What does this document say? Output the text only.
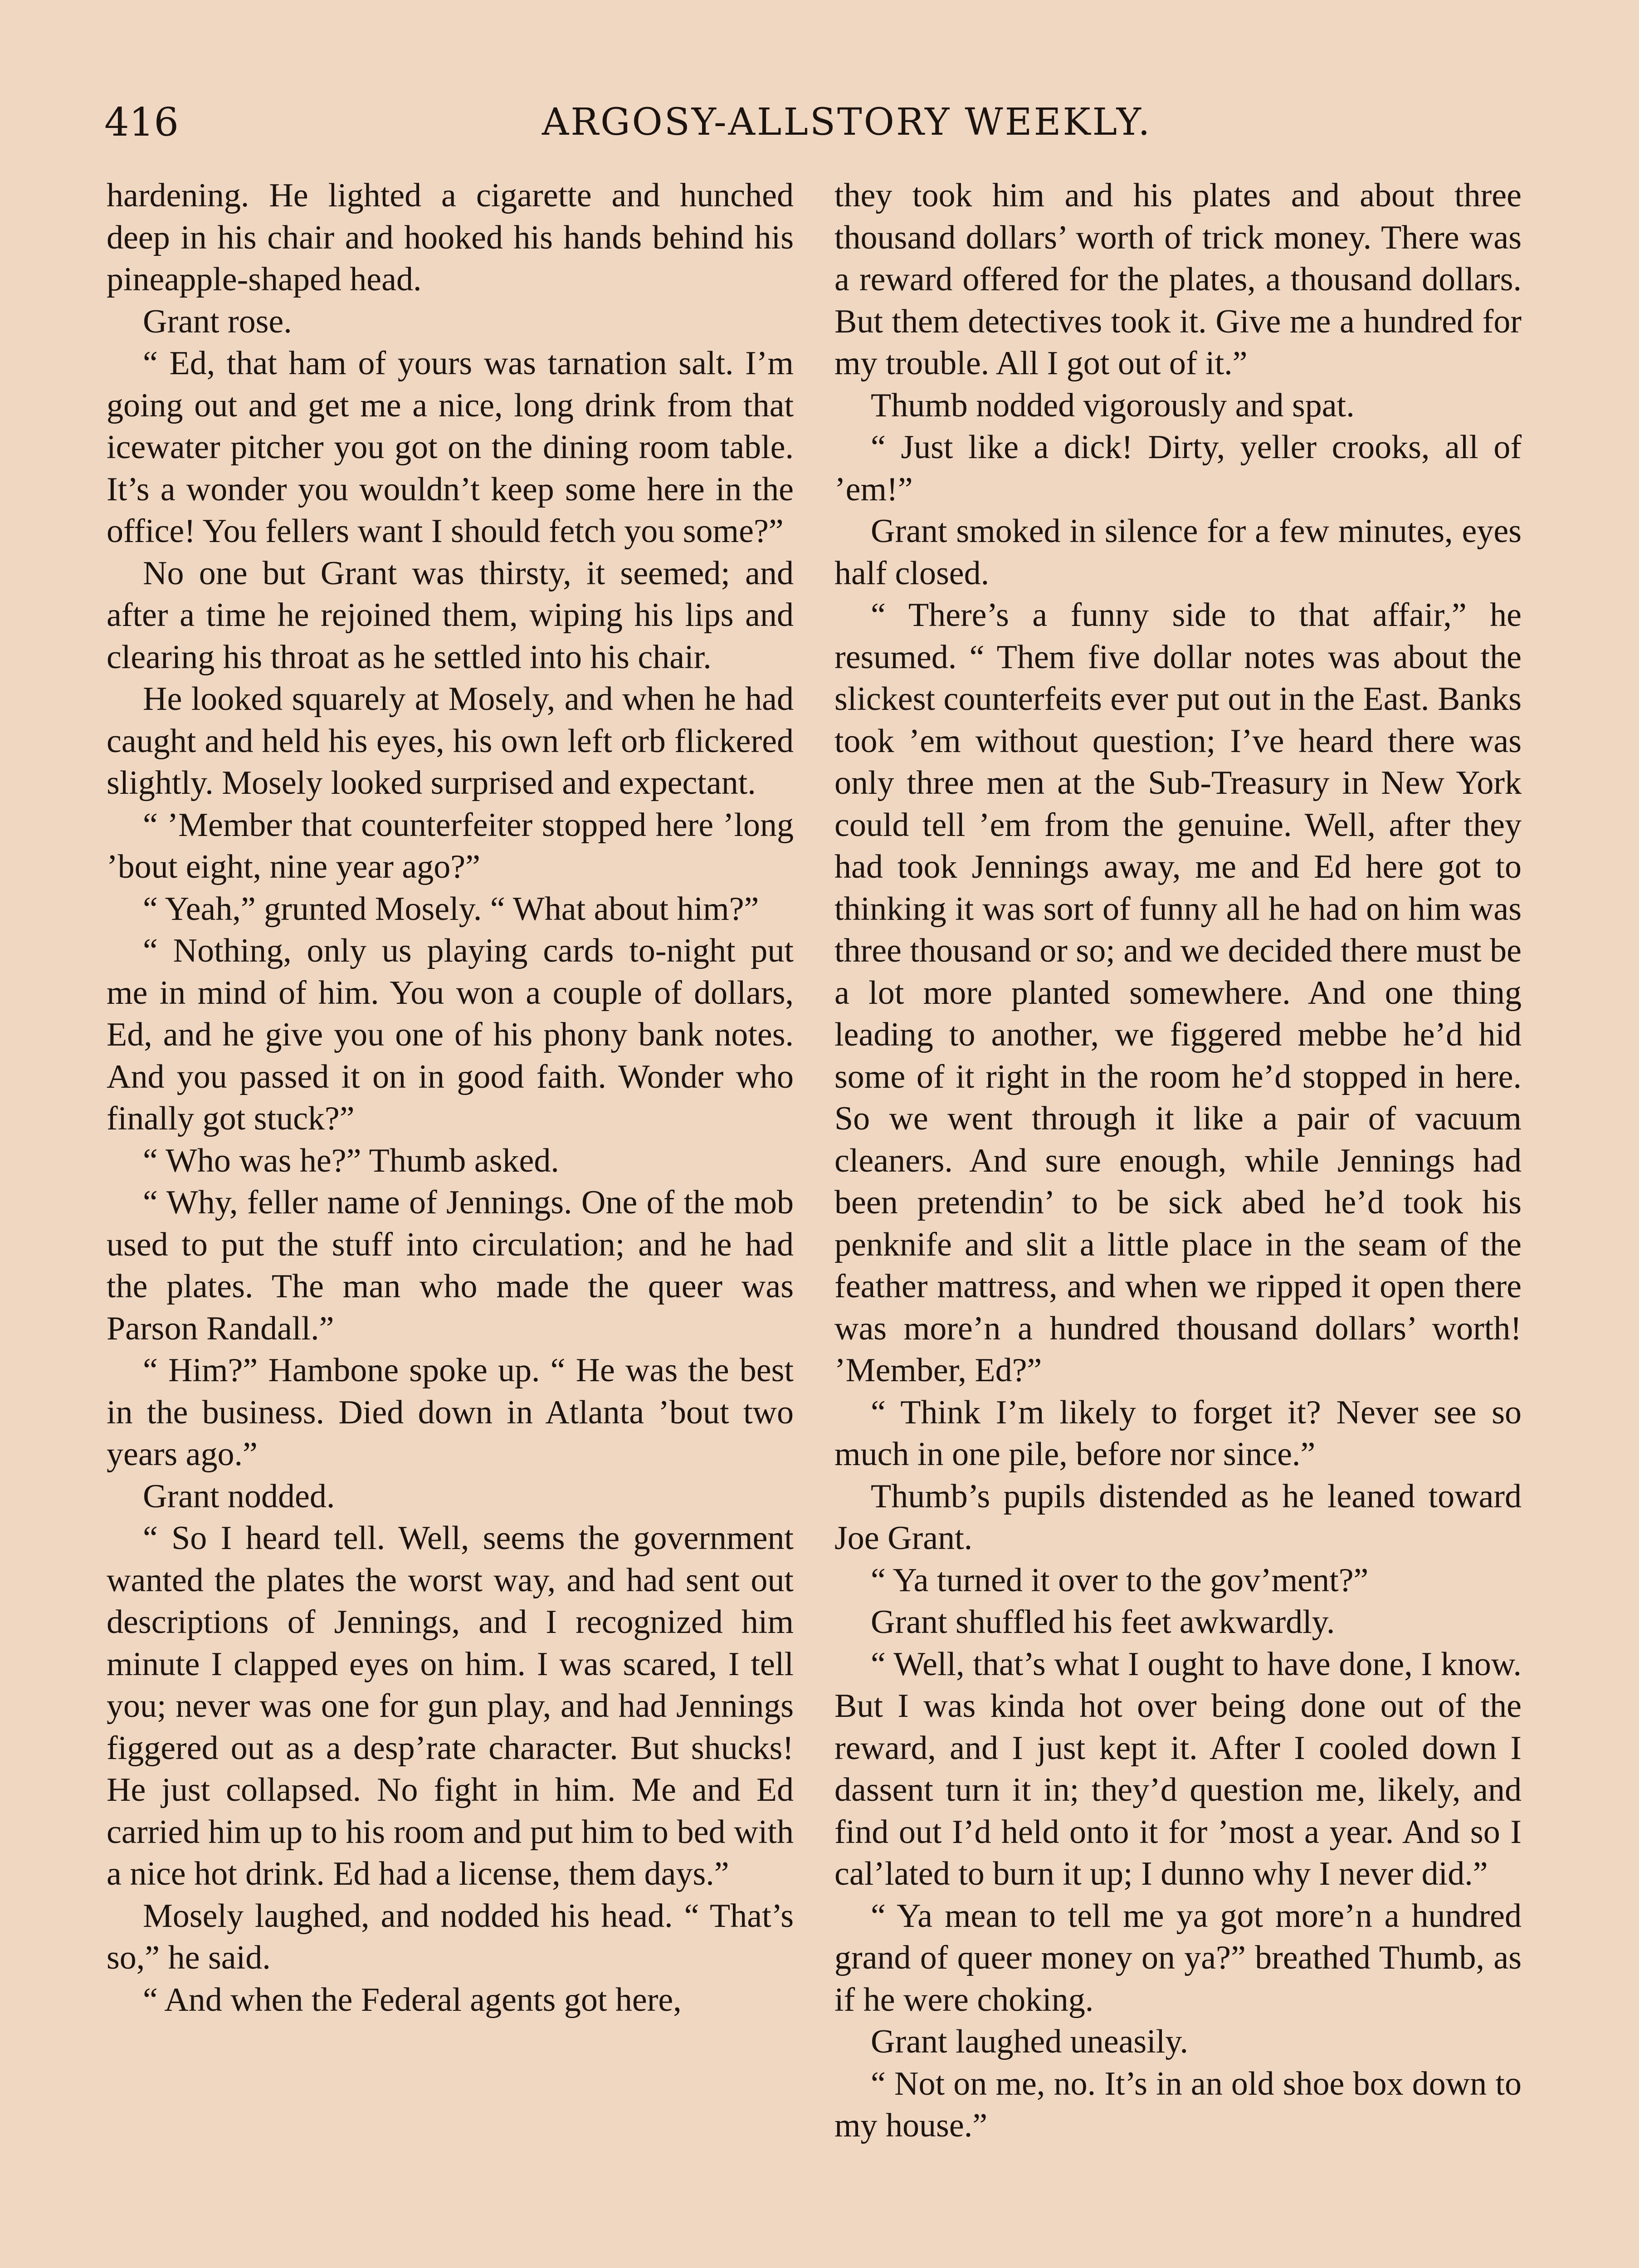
416	ARGOSY-ALLSTORY WEEKLY.

hardening. He lighted a cigarette and hunched deep in his chair and hooked his hands behind his pineapple-shaped head.

Grant rose.

“ Ed, that ham of yours was tarnation salt. I’m going out and get me a nice, long drink from that icewater pitcher you got on the dining room table. It’s a wonder you wouldn’t keep some here in the office! You fellers want I should fetch you some?”

No one but Grant was thirsty, it seemed; and after a time he rejoined them, wiping his lips and clearing his throat as he settled into his chair.

He looked squarely at Mosely, and when he had caught and held his eyes, his own left orb flickered slightly. Mosely looked surprised and expectant.

“ ’Member that counterfeiter stopped here ’long ’bout eight, nine year ago?”

“ Yeah,” grunted Mosely. “ What about him?”

“ Nothing, only us playing cards to-night put me in mind of him. You won a couple of dollars, Ed, and he give you one of his phony bank notes. And you passed it on in good faith. Wonder who finally got stuck?”

“ Who was he?” Thumb asked.

“ Why, feller name of Jennings. One of the mob used to put the stuff into circulation; and he had the plates. The man who made the queer was Parson Randall.”

“ Him?” Hambone spoke up. “ He was the best in the business. Died down in Atlanta ’bout two years ago.”

Grant nodded.

“ So I heard tell. Well, seems the government wanted the plates the worst way, and had sent out descriptions of Jennings, and I recognized him minute I clapped eyes on him. I was scared, I tell you; never was one for gun play, and had Jennings figgered out as a desp’rate character. But shucks! He just collapsed. No fight in him. Me and Ed carried him up to his room and put him to bed with a nice hot drink. Ed had a license, them days.”

Mosely laughed, and nodded his head. “ That’s so,” he said.

“ And when the Federal agents got here,

they took him and his plates and about three thousand dollars’ worth of trick money. There was a reward offered for the plates, a thousand dollars. But them detectives took it. Give me a hundred for my trouble. All I got out of it.”

Thumb nodded vigorously and spat.

“ Just like a dick! Dirty, yeller crooks, all of ’em!”

Grant smoked in silence for a few minutes, eyes half closed.

“ There’s a funny side to that affair,” he resumed. “ Them five dollar notes was about the slickest counterfeits ever put out in the East. Banks took ’em without question; I’ve heard there was only three men at the Sub-Treasury in New York could tell ’em from the genuine. Well, after they had took Jennings away, me and Ed here got to thinking it was sort of funny all he had on him was three thousand or so; and we decided there must be a lot more planted somewhere. And one thing leading to another, we figgered mebbe he’d hid some of it right in the room he’d stopped in here. So we went through it like a pair of vacuum cleaners. And sure enough, while Jennings had been pretendin’ to be sick abed he’d took his penknife and slit a little place in the seam of the feather mattress, and when we ripped it open there was more’n a hundred thousand dollars’ worth! ’Member, Ed?”

“ Think I’m likely to forget it? Never see so much in one pile, before nor since.”

Thumb’s pupils distended as he leaned toward Joe Grant.

“ Ya turned it over to the gov’ment?”

Grant shuffled his feet awkwardly.

“ Well, that’s what I ought to have done, I know. But I was kinda hot over being done out of the reward, and I just kept it. After I cooled down I dassent turn it in; they’d question me, likely, and find out I’d held onto it for ’most a year. And so I cal’lated to burn it up; I dunno why I never did.”

“ Ya mean to tell me ya got more’n a hundred grand of queer money on ya?” breathed Thumb, as if he were choking.

Grant laughed uneasily.

“ Not on me, no. It’s in an old shoe box down to my house.”
